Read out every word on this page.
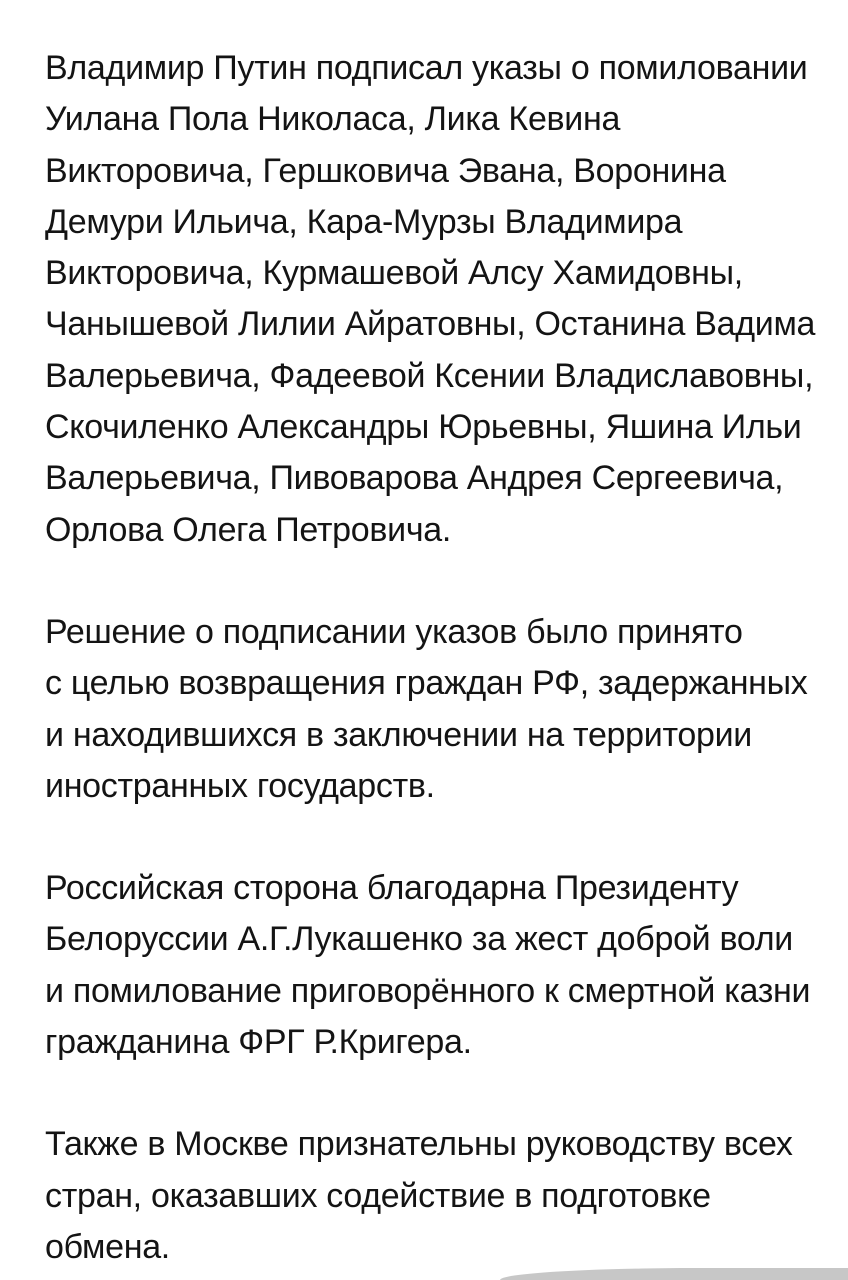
Владимир Путин подписал указы о помиловании
Уилана Пола Николаса, Лика Кевина
Викторовича, Гершковича Эвана, Воронина
Демури Ильича, Кара-Мурзы Владимира
Викторовича, Курмашевой Алсу Хамидовны,
Чанышевой Лилии Айратовны, Останина Вадима
Валерьевича, Фадеевой Ксении Владиславовны,
Скочиленко Александры Юрьевны, Яшина Ильи
Валерьевича, Пивоварова Андрея Сергеевича,
Орлова Олега Петровича.

Решение о подписании указов было принято
с целью возвращения граждан РФ, задержанных
и находившихся в заключении на территории
иностранных государств.

Российская сторона благодарна Президенту
Белоруссии А.Г.Лукашенко за жест доброй воли
и помилование приговорённого к смертной казни
гражданина ФРГ Р.Кригера.

Также в Москве признательны руководству всех
стран, оказавших содействие в подготовке
обмена.
